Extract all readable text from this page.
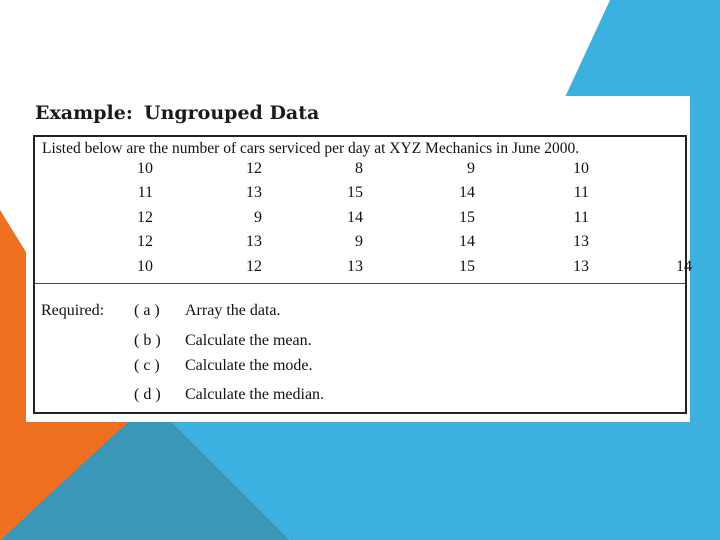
Example: Ungrouped Data
Listed below are the number of cars serviced per day at XYZ Mechanics in June 2000.
10	12	8	9	10
11	13	15	14	11
12	9	14	15	11
12	13	9	14	13
10	12	13	15	13	14
Required: ( a ) Array the data.
( b ) Calculate the mean.
( c ) Calculate the mode.
( d ) Calculate the median.
